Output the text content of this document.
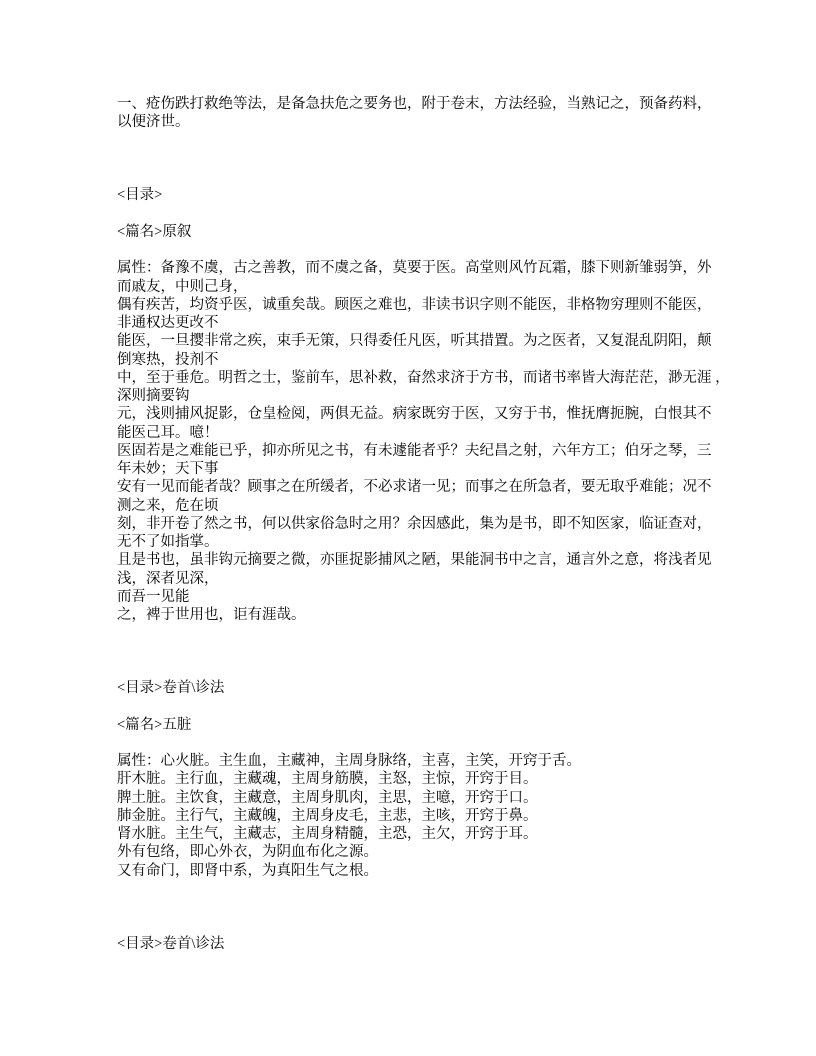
一、疮伤跌打救绝等法，是备急扶危之要务也，附于卷末，方法经验，当熟记之，预备药料，
以便济世。
<目录>
<篇名>原叙
属性：备豫不虞，古之善教，而不虞之备，莫要于医。高堂则风竹瓦霜，膝下则新雏弱笋，外
而戚友，中则己身，
偶有疾苦，均资乎医，诚重矣哉。顾医之难也，非读书识字则不能医，非格物穷理则不能医，
非通权达更改不
能医，一旦撄非常之疾，束手无策，只得委任凡医，听其措置。为之医者，又复混乱阴阳，颠
倒寒热，投剂不
中，至于垂危。明哲之士，鉴前车，思补救，奋然求济于方书，而诸书率皆大海茫茫，渺无涯 ，
深则摘要钩
元，浅则捕风捉影，仓皇检阅，两俱无益。病家既穷于医，又穷于书，惟抚膺扼腕，白恨其不
能医己耳。噫！
医固若是之难能已乎，抑亦所见之书，有未遽能者乎？夫纪昌之射，六年方工；伯牙之琴，三
年未妙；天下事
安有一见而能者哉？顾事之在所缓者，不必求诸一见；而事之在所急者，要无取乎难能；况不
测之来，危在顷
刻，非开卷了然之书，何以供家俗急时之用？余因感此，集为是书，即不知医家，临证查对，
无不了如指掌。
且是书也，虽非钩元摘要之微，亦匪捉影捕风之陋，果能洞书中之言，通言外之意，将浅者见
浅，深者见深，
而吾一见能
之，裨于世用也，讵有涯哉。
<目录>卷首\诊法
<篇名>五脏
属性：心火脏。主生血，主藏神，主周身脉络，主喜，主笑，开窍于舌。
肝木脏。主行血，主藏魂，主周身筋膜，主怒，主惊，开窍于目。
脾土脏。主饮食，主藏意，主周身肌肉，主思，主噫，开窍于口。
肺金脏。主行气，主藏魄，主周身皮毛，主悲，主咳，开窍于鼻。
肾水脏。主生气，主藏志，主周身精髓，主恐，主欠，开窍于耳。
外有包络，即心外衣，为阴血布化之源。
又有命门，即肾中系，为真阳生气之根。
<目录>卷首\诊法
